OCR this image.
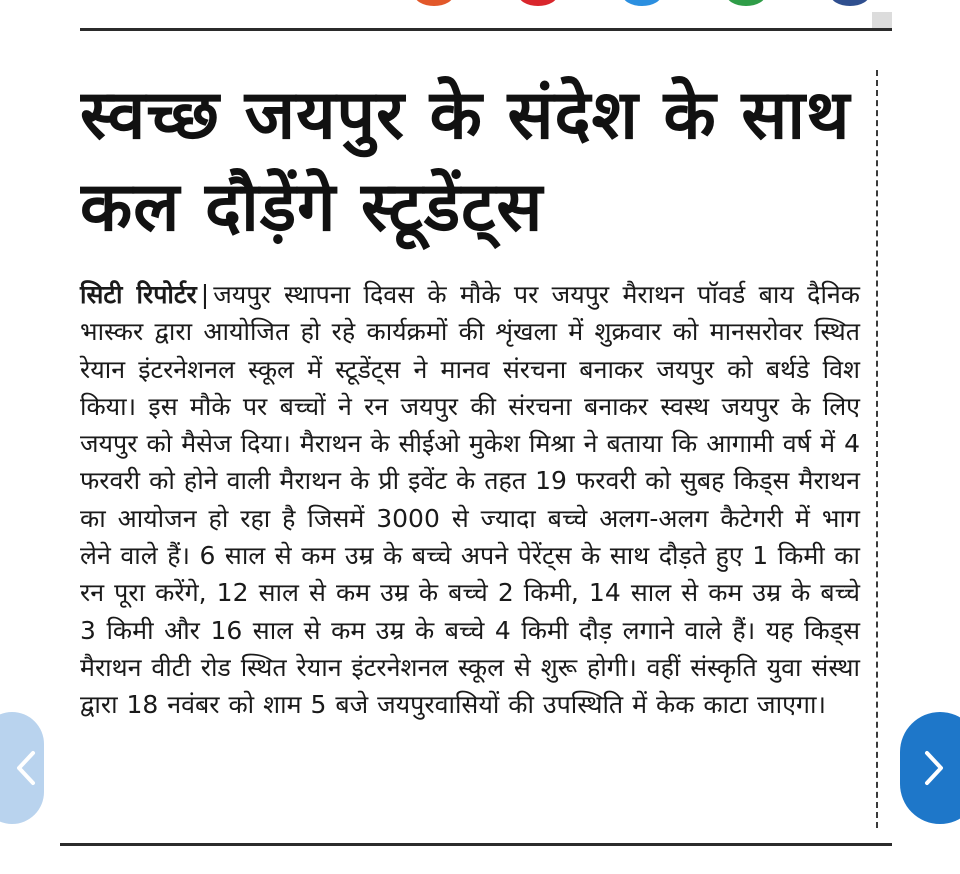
स्वच्छ जयपुर के संदेश के साथ कल दौड़ेंगे स्टूडेंट्स

सिटी रिपोर्टर | जयपुर स्थापना दिवस के मौके पर जयपुर मैराथन पॉवर्ड बाय दैनिक भास्कर द्वारा आयोजित हो रहे कार्यक्रमों की शृंखला में शुक्रवार को मानसरोवर स्थित रेयान इंटरनेशनल स्कूल में स्टूडेंट्स ने मानव संरचना बनाकर जयपुर को बर्थडे विश किया। इस मौके पर बच्चों ने रन जयपुर की संरचना बनाकर स्वस्थ जयपुर के लिए जयपुर को मैसेज दिया। मैराथन के सीईओ मुकेश मिश्रा ने बताया कि आगामी वर्ष में 4 फरवरी को होने वाली मैराथन के प्री इवेंट के तहत 19 फरवरी को सुबह किड्स मैराथन का आयोजन हो रहा है जिसमें 3000 से ज्यादा बच्चे अलग-अलग कैटेगरी में भाग लेने वाले हैं। 6 साल से कम उम्र के बच्चे अपने पेरेंट्स के साथ दौड़ते हुए 1 किमी का रन पूरा करेंगे, 12 साल से कम उम्र के बच्चे 2 किमी, 14 साल से कम उम्र के बच्चे 3 किमी और 16 साल से कम उम्र के बच्चे 4 किमी दौड़ लगाने वाले हैं। यह किड्स मैराथन वीटी रोड स्थित रेयान इंटरनेशनल स्कूल से शुरू होगी। वहीं संस्कृति युवा संस्था द्वारा 18 नवंबर को शाम 5 बजे जयपुरवासियों की उपस्थिति में केक काटा जाएगा।
